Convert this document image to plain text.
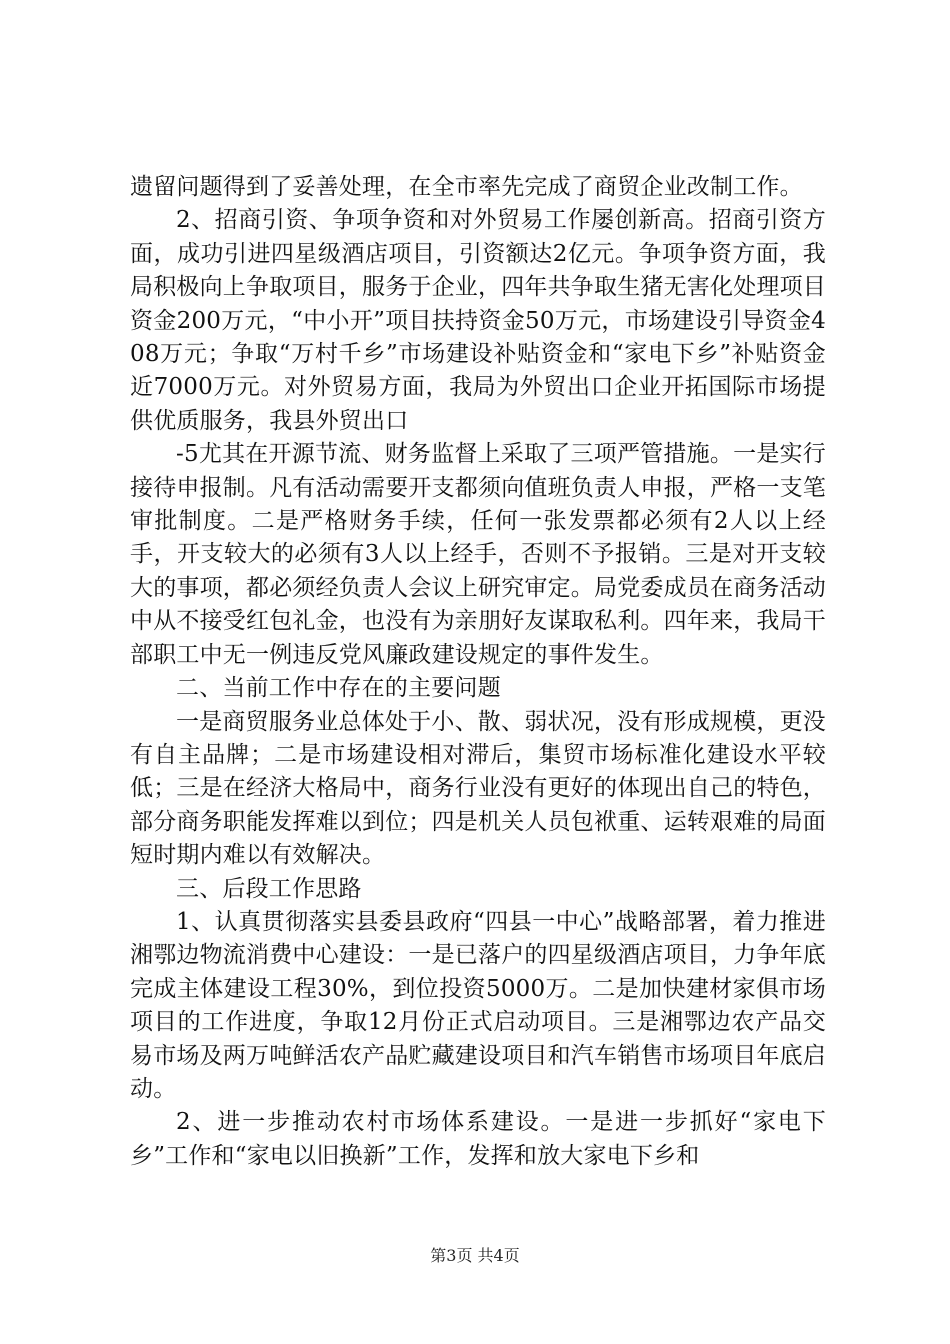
遗留问题得到了妥善处理，在全市率先完成了商贸企业改制工作。

2、招商引资、争项争资和对外贸易工作屡创新高。招商引资方面，成功引进四星级酒店项目，引资额达2亿元。争项争资方面，我局积极向上争取项目，服务于企业，四年共争取生猪无害化处理项目资金200万元，“中小开”项目扶持资金50万元，市场建设引导资金408万元；争取“万村千乡”市场建设补贴资金和“家电下乡”补贴资金近7000万元。对外贸易方面，我局为外贸出口企业开拓国际市场提供优质服务，我县外贸出口

-5尤其在开源节流、财务监督上采取了三项严管措施。一是实行接待申报制。凡有活动需要开支都须向值班负责人申报，严格一支笔审批制度。二是严格财务手续，任何一张发票都必须有2人以上经手，开支较大的必须有3人以上经手，否则不予报销。三是对开支较大的事项，都必须经负责人会议上研究审定。局党委成员在商务活动中从不接受红包礼金，也没有为亲朋好友谋取私利。四年来，我局干部职工中无一例违反党风廉政建设规定的事件发生。

二、当前工作中存在的主要问题

一是商贸服务业总体处于小、散、弱状况，没有形成规模，更没有自主品牌；二是市场建设相对滞后，集贸市场标准化建设水平较低；三是在经济大格局中，商务行业没有更好的体现出自己的特色，部分商务职能发挥难以到位；四是机关人员包袱重、运转艰难的局面短时期内难以有效解决。

三、后段工作思路

1、认真贯彻落实县委县政府“四县一中心”战略部署，着力推进湘鄂边物流消费中心建设：一是已落户的四星级酒店项目，力争年底完成主体建设工程30%，到位投资5000万。二是加快建材家俱市场项目的工作进度，争取12月份正式启动项目。三是湘鄂边农产品交易市场及两万吨鲜活农产品贮藏建设项目和汽车销售市场项目年底启动。

2、进一步推动农村市场体系建设。一是进一步抓好“家电下乡”工作和“家电以旧换新”工作，发挥和放大家电下乡和

第3页 共4页
